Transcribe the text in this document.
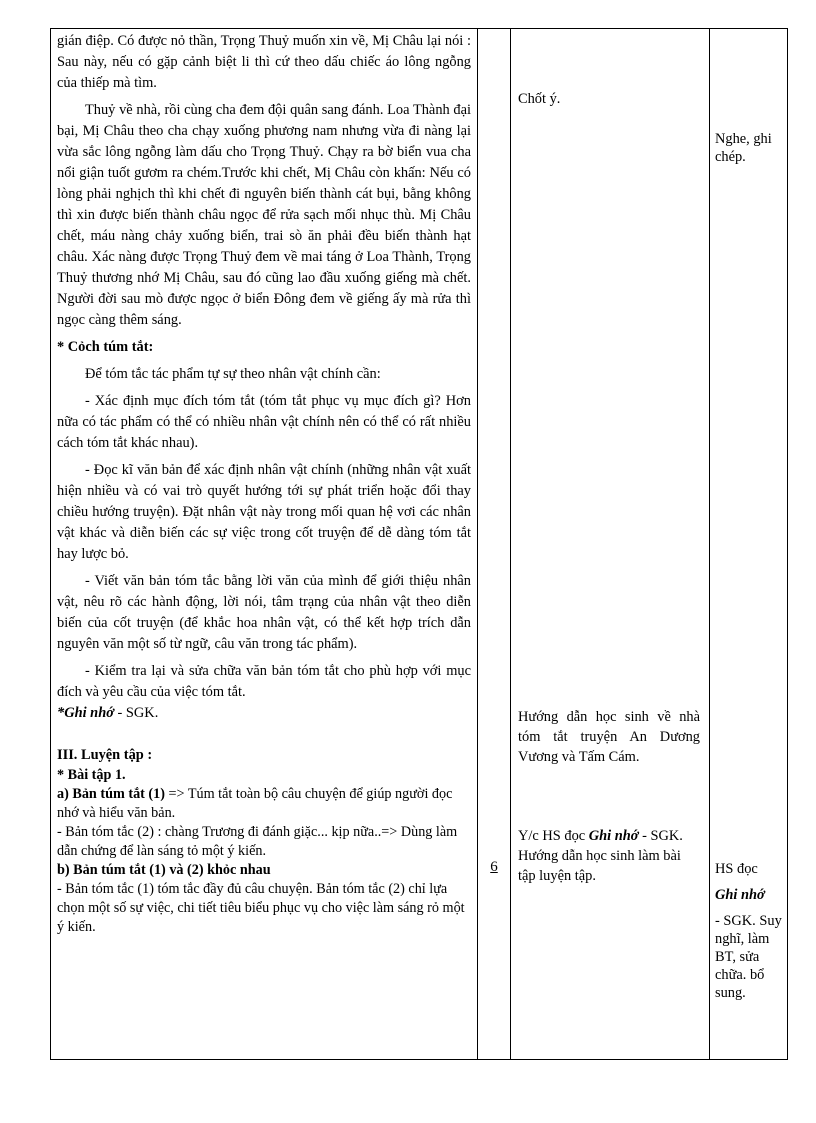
gián điệp. Có được nỏ thần, Trọng Thuỷ muốn xin về, Mị Châu lại nói : Sau này, nếu có gặp cảnh biệt li thì cứ theo dấu chiếc áo lông ngỗng của thiếp mà tìm.

Thuỷ về nhà, rồi cùng cha đem đội quân sang đánh. Loa Thành đại bại, Mị Châu theo cha chạy xuống phương nam nhưng vừa đi nàng lại vừa sắc lông ngỗng làm dấu cho Trọng Thuỷ. Chạy ra bờ biển vua cha nổi giận tuốt gươm ra chém.Trước khi chết, Mị Châu còn khấn: Nếu có lòng phải nghịch thì khi chết đi nguyên biến thành cát bụi, bằng không thì xin được biến thành châu ngọc để rửa sạch mối nhục thù. Mị Châu chết, máu nàng chảy xuống biển, trai sò ăn phải đều biến thành hạt châu. Xác nàng được Trọng Thuỷ đem về mai táng ở Loa Thành, Trọng Thuỷ thương nhớ Mị Châu, sau đó cũng lao đầu xuống giếng mà chết. Người đời sau mò được ngọc ở biển Đông đem về giếng ấy mà rửa thì ngọc càng thêm sáng.

* Cỏch túm tắt:

Để tóm tắc tác phẩm tự sự theo nhân vật chính cần:

- Xác định mục đích tóm tắt (tóm tắt phục vụ mục đích gì? Hơn nữa có tác phẩm có thể có nhiều nhân vật chính nên có thể có rất nhiều cách tóm tắt khác nhau).

- Đọc kĩ văn bản để xác định nhân vật chính (những nhân vật xuất hiện nhiều và có vai trò quyết hướng tới sự phát triển hoặc đổi thay chiều hướng truyện). Đặt nhân vật này trong mối quan hệ vơi các nhân vật khác và diễn biến các sự việc trong cốt truyện để dễ dàng tóm tắt hay lược bỏ.

- Viết văn bản tóm tắc bằng lời văn của mình để giới thiệu nhân vật, nêu rõ các hành động, lời nói, tâm trạng của nhân vật theo diễn biến của cốt truyện (để khắc hoa nhân vật, có thể kết hợp trích dẫn nguyên văn một số từ ngữ, câu văn trong tác phẩm).

- Kiểm tra lại và sửa chữa văn bản tóm tắt cho phù hợp với mục đích và yêu cầu của việc tóm tắt.

*Ghi nhớ - SGK.

III. Luyện tập :

* Bài tập 1.

a) Bản túm tắt (1) => Túm tắt toàn bộ câu chuyện để giúp người đọc nhớ và hiểu văn bản.

- Bản tóm tắc (2) : chàng Trương đi đánh giặc... kịp nữa..=> Dùng làm dẫn chứng để làn sáng tỏ một ý kiến.

b) Bản túm tắt (1) và (2) khỏc nhau

- Bản tóm tắc (1) tóm tắc đầy đủ câu chuyện. Bản tóm tắc (2) chỉ lựa chọn một số sự việc, chi tiết tiêu biểu phục vụ cho việc làm sáng rỏ một ý kiến.

6

Chốt ý.

Hướng dẫn học sinh về nhà tóm tắt truyện An Dương Vương và Tấm Cám.

Y/c HS đọc Ghi nhớ - SGK.

Hướng dẫn học sinh làm bài tập luyện tập.

Nghe, ghi chép.

HS đọc

Ghi nhớ

- SGK. Suy nghĩ, làm BT, sửa chữa. bổ sung.
